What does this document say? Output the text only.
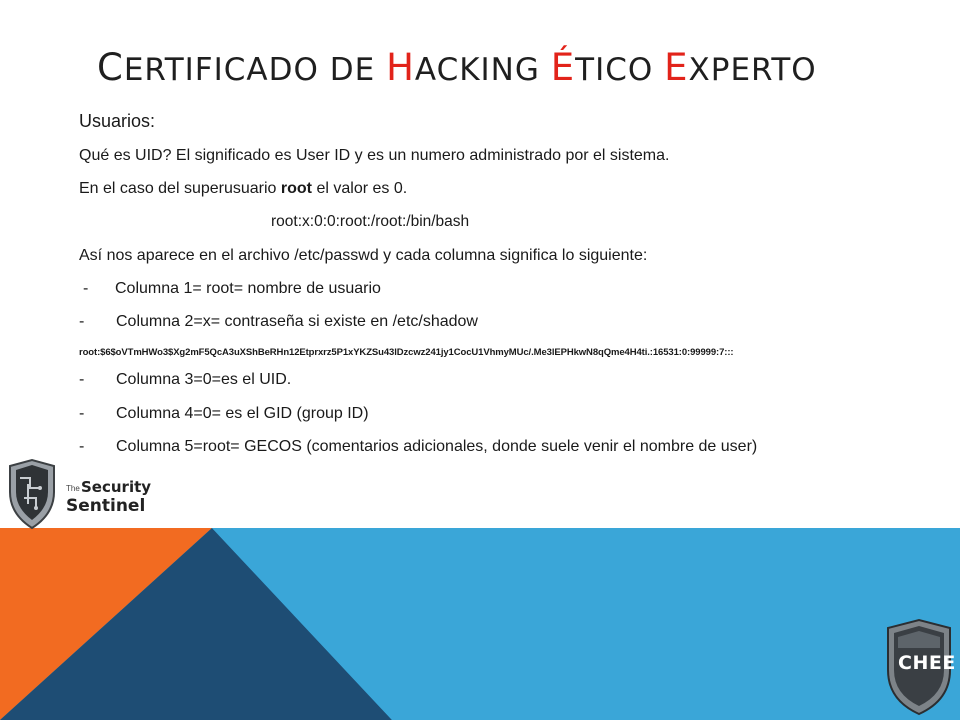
CERTIFICADO DE HACKING ÉTICO EXPERTO
Usuarios:
Qué es UID? El significado es User ID y es un numero administrado por el sistema.
En el caso del superusuario root el valor es 0.
root:x:0:0:root:/root:/bin/bash
Así nos aparece en el archivo /etc/passwd y cada columna significa lo siguiente:
- Columna 1= root= nombre de usuario
- Columna 2=x= contraseña si existe en /etc/shadow
root:$6$oVTmHWo3$Xg2mF5QcA3uXShBeRHn12Etprxrz5P1xYKZSu43lDzcwz241jy1CocU1VhmyMUc/.Me3lEPHkwN8qQme4H4ti.:16531:0:99999:7:::
- Columna 3=0=es el UID.
- Columna 4=0= es el GID (group ID)
- Columna 5=root= GECOS (comentarios adicionales, donde suele venir el nombre de user)
The Security
Sentinel
CHEE
